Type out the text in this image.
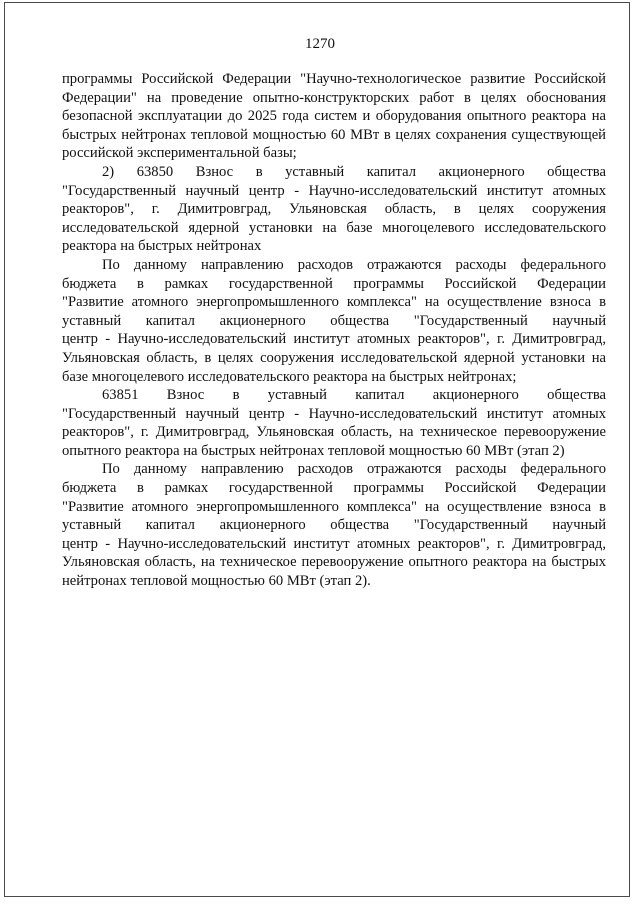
1270
программы Российской Федерации "Научно-технологическое развитие Российской
Федерации" на проведение опытно-конструкторских работ в целях обоснования
безопасной эксплуатации до 2025 года систем и оборудования опытного реактора на
быстрых нейтронах тепловой мощностью 60 МВт в целях сохранения существующей
российской экспериментальной базы;
2) 63850 Взнос в уставный капитал акционерного общества
"Государственный научный центр - Научно-исследовательский институт атомных
реакторов", г. Димитровград, Ульяновская область, в целях сооружения
исследовательской ядерной установки на базе многоцелевого исследовательского
реактора на быстрых нейтронах
По данному направлению расходов отражаются расходы федерального
бюджета в рамках государственной программы Российской Федерации
"Развитие атомного энергопромышленного комплекса" на осуществление взноса в
уставный капитал акционерного общества "Государственный научный
центр - Научно-исследовательский институт атомных реакторов", г. Димитровград,
Ульяновская область, в целях сооружения исследовательской ядерной установки на
базе многоцелевого исследовательского реактора на быстрых нейтронах;
63851 Взнос в уставный капитал акционерного общества
"Государственный научный центр - Научно-исследовательский институт атомных
реакторов", г. Димитровград, Ульяновская область, на техническое перевооружение
опытного реактора на быстрых нейтронах тепловой мощностью 60 МВт (этап 2)
По данному направлению расходов отражаются расходы федерального
бюджета в рамках государственной программы Российской Федерации
"Развитие атомного энергопромышленного комплекса" на осуществление взноса в
уставный капитал акционерного общества "Государственный научный
центр - Научно-исследовательский институт атомных реакторов", г. Димитровград,
Ульяновская область, на техническое перевооружение опытного реактора на быстрых
нейтронах тепловой мощностью 60 МВт (этап 2).
